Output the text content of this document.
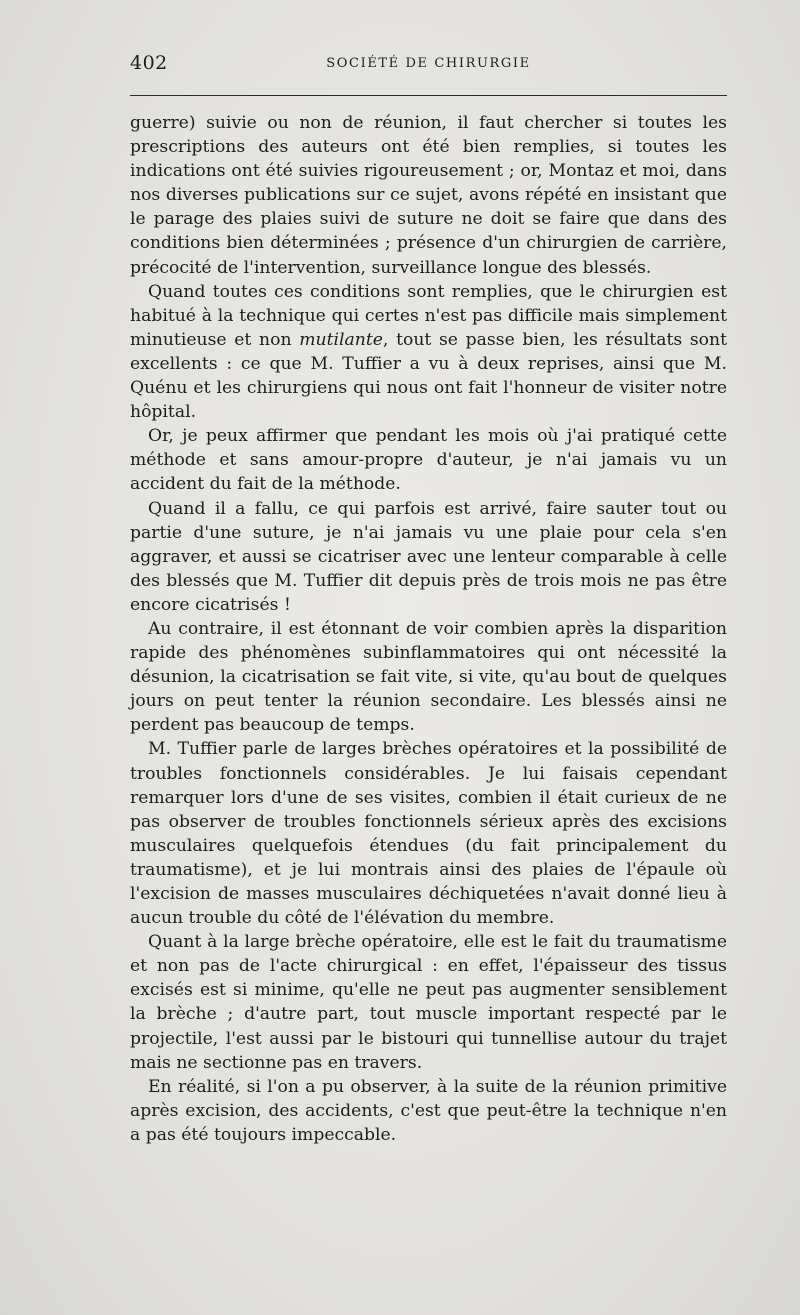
402	SOCIÉTÉ DE CHIRURGIE

guerre) suivie ou non de réunion, il faut chercher si toutes les prescriptions des auteurs ont été bien remplies, si toutes les indications ont été suivies rigoureusement ; or, Montaz et moi, dans nos diverses publications sur ce sujet, avons répété en insistant que le parage des plaies suivi de suture ne doit se faire que dans des conditions bien déterminées ; présence d'un chirurgien de carrière, précocité de l'intervention, surveillance longue des blessés.

Quand toutes ces conditions sont remplies, que le chirurgien est habitué à la technique qui certes n'est pas difficile mais simplement minutieuse et non mutilante, tout se passe bien, les résultats sont excellents : ce que M. Tuffier a vu à deux reprises, ainsi que M. Quénu et les chirurgiens qui nous ont fait l'honneur de visiter notre hôpital.

Or, je peux affirmer que pendant les mois où j'ai pratiqué cette méthode et sans amour-propre d'auteur, je n'ai jamais vu un accident du fait de la méthode.

Quand il a fallu, ce qui parfois est arrivé, faire sauter tout ou partie d'une suture, je n'ai jamais vu une plaie pour cela s'en aggraver, et aussi se cicatriser avec une lenteur comparable à celle des blessés que M. Tuffier dit depuis près de trois mois ne pas être encore cicatrisés !

Au contraire, il est étonnant de voir combien après la disparition rapide des phénomènes subinflammatoires qui ont nécessité la désunion, la cicatrisation se fait vite, si vite, qu'au bout de quelques jours on peut tenter la réunion secondaire. Les blessés ainsi ne perdent pas beaucoup de temps.

M. Tuffier parle de larges brèches opératoires et la possibilité de troubles fonctionnels considérables. Je lui faisais cependant remarquer lors d'une de ses visites, combien il était curieux de ne pas observer de troubles fonctionnels sérieux après des excisions musculaires quelquefois étendues (du fait principalement du traumatisme), et je lui montrais ainsi des plaies de l'épaule où l'excision de masses musculaires déchiquetées n'avait donné lieu à aucun trouble du côté de l'élévation du membre.

Quant à la large brèche opératoire, elle est le fait du traumatisme et non pas de l'acte chirurgical : en effet, l'épaisseur des tissus excisés est si minime, qu'elle ne peut pas augmenter sensiblement la brèche ; d'autre part, tout muscle important respecté par le projectile, l'est aussi par le bistouri qui tunnellise autour du trajet mais ne sectionne pas en travers.

En réalité, si l'on a pu observer, à la suite de la réunion primitive après excision, des accidents, c'est que peut-être la technique n'en a pas été toujours impeccable.
